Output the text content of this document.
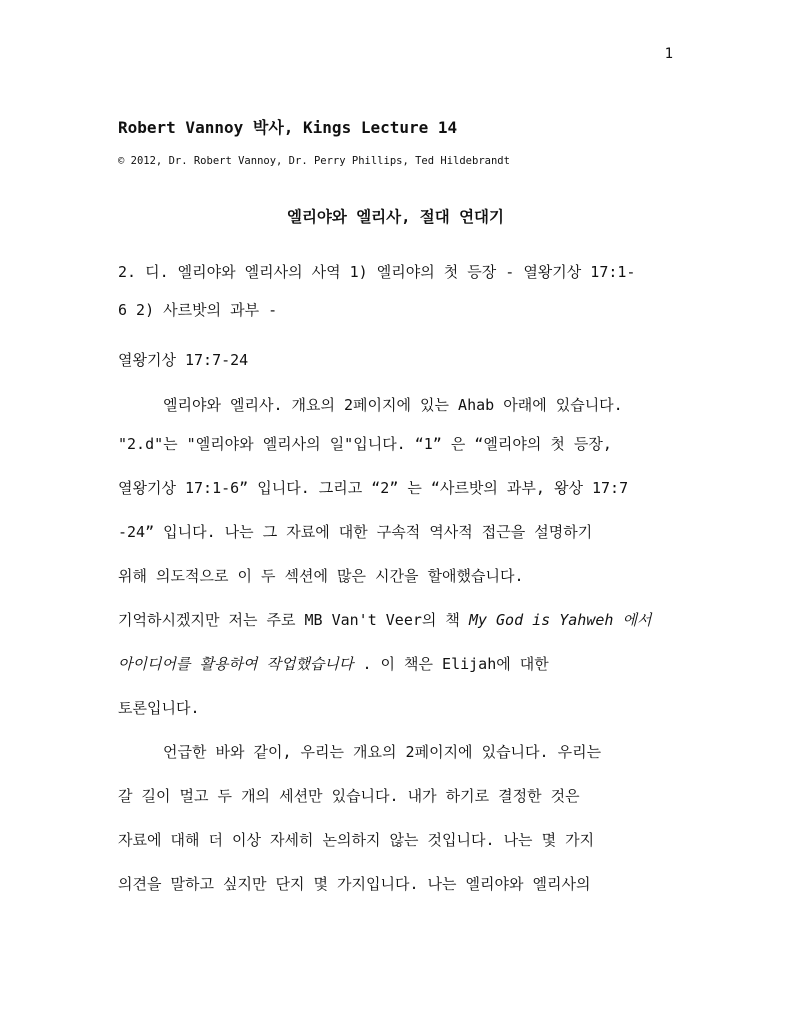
1
Robert Vannoy 박사, Kings Lecture 14
© 2012, Dr. Robert Vannoy, Dr. Perry Phillips, Ted Hildebrandt
엘리야와 엘리사, 절대 연대기
2. 디. 엘리야와 엘리사의 사역 1) 엘리야의 첫 등장 - 열왕기상 17:1-
6 2) 사르밧의 과부 -
열왕기상 17:7-24
엘리야와 엘리사. 개요의 2페이지에 있는 Ahab 아래에 있습니다.
"2.d"는 "엘리야와 엘리사의 일"입니다. “1” 은 “엘리야의 첫 등장,
열왕기상 17:1-6” 입니다. 그리고 “2” 는 “사르밧의 과부, 왕상 17:7
-24” 입니다. 나는 그 자료에 대한 구속적 역사적 접근을 설명하기
위해 의도적으로 이 두 섹션에 많은 시간을 할애했습니다.
기억하시겠지만 저는 주로 MB Van't Veer의 책 My God is Yahweh 에서
아이디어를 활용하여 작업했습니다 . 이 책은 Elijah에 대한
토론입니다.
언급한 바와 같이, 우리는 개요의 2페이지에 있습니다. 우리는
갈 길이 멀고 두 개의 세션만 있습니다. 내가 하기로 결정한 것은
자료에 대해 더 이상 자세히 논의하지 않는 것입니다. 나는 몇 가지
의견을 말하고 싶지만 단지 몇 가지입니다. 나는 엘리야와 엘리사의
